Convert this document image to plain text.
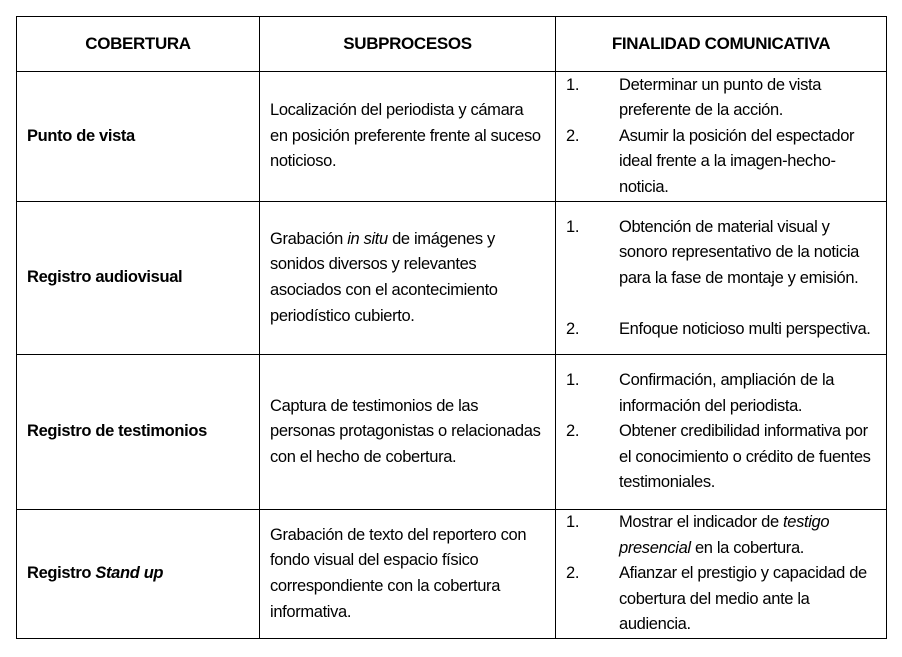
COBERTURA	SUBPROCESOS	FINALIDAD COMUNICATIVA
Punto de vista	Localización del periodista y cámara en posición preferente frente al suceso noticioso.	1. Determinar un punto de vista preferente de la acción.
2. Asumir la posición del espectador ideal frente a la imagen-hecho-noticia.

Registro audiovisual	Grabación in situ de imágenes y sonidos diversos y relevantes asociados con el acontecimiento periodístico cubierto.	1. Obtención de material visual y sonoro representativo de la noticia para la fase de montaje y emisión.
2. Enfoque noticioso multi perspectiva.

Registro de testimonios	Captura de testimonios de las personas protagonistas o relacionadas con el hecho de cobertura.	1. Confirmación, ampliación de la información del periodista.
2. Obtener credibilidad informativa por el conocimiento o crédito de fuentes testimoniales.

Registro Stand up	Grabación de texto del reportero con fondo visual del espacio físico correspondiente con la cobertura informativa.	1. Mostrar el indicador de testigo presencial en la cobertura.
2. Afianzar el prestigio y capacidad de cobertura del medio ante la audiencia.
